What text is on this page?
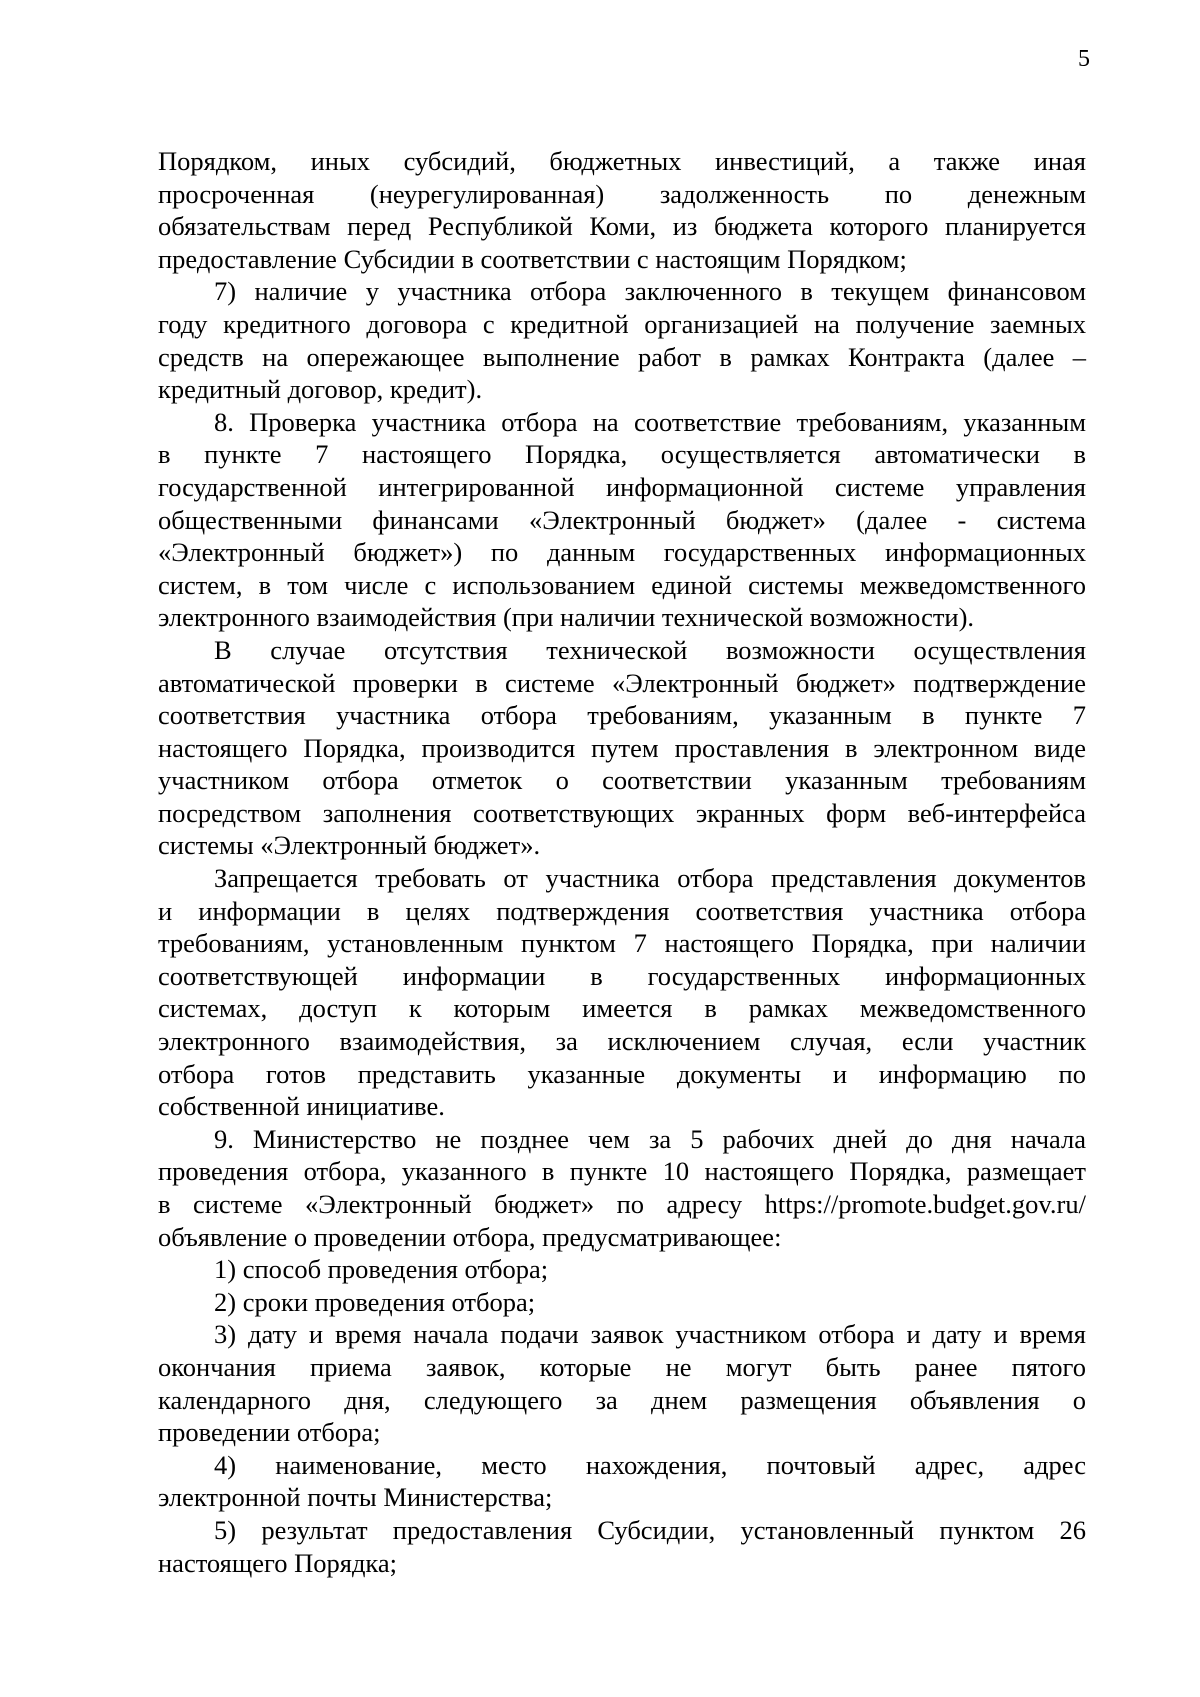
5

Порядком, иных субсидий, бюджетных инвестиций, а также иная

просроченная (неурегулированная) задолженность по денежным

обязательствам перед Республикой Коми, из бюджета которого планируется

предоставление Субсидии в соответствии с настоящим Порядком;

7) наличие у участника отбора заключенного в текущем финансовом

году кредитного договора с кредитной организацией на получение заемных

средств на опережающее выполнение работ в рамках Контракта (далее –

кредитный договор, кредит).

8. Проверка участника отбора на соответствие требованиям, указанным

в пункте 7 настоящего Порядка, осуществляется автоматически в

государственной интегрированной информационной системе управления

общественными финансами «Электронный бюджет» (далее - система

«Электронный бюджет») по данным государственных информационных

систем, в том числе с использованием единой системы межведомственного

электронного взаимодействия (при наличии технической возможности).

В случае отсутствия технической возможности осуществления

автоматической проверки в системе «Электронный бюджет» подтверждение

соответствия участника отбора требованиям, указанным в пункте 7

настоящего Порядка, производится путем проставления в электронном виде

участником отбора отметок о соответствии указанным требованиям

посредством заполнения соответствующих экранных форм веб-интерфейса

системы «Электронный бюджет».

Запрещается требовать от участника отбора представления документов

и информации в целях подтверждения соответствия участника отбора

требованиям, установленным пунктом 7 настоящего Порядка, при наличии

соответствующей информации в государственных информационных

системах, доступ к которым имеется в рамках межведомственного

электронного взаимодействия, за исключением случая, если участник

отбора готов представить указанные документы и информацию по

собственной инициативе.

9. Министерство не позднее чем за 5 рабочих дней до дня начала

проведения отбора, указанного в пункте 10 настоящего Порядка, размещает

в системе «Электронный бюджет» по адресу https://promote.budget.gov.ru/

объявление о проведении отбора, предусматривающее:

1) способ проведения отбора;

2) сроки проведения отбора;

3) дату и время начала подачи заявок участником отбора и дату и время

окончания приема заявок, которые не могут быть ранее пятого

календарного дня, следующего за днем размещения объявления о

проведении отбора;

4) наименование, место нахождения, почтовый адрес, адрес

электронной почты Министерства;

5) результат предоставления Субсидии, установленный пунктом 26

настоящего Порядка;
